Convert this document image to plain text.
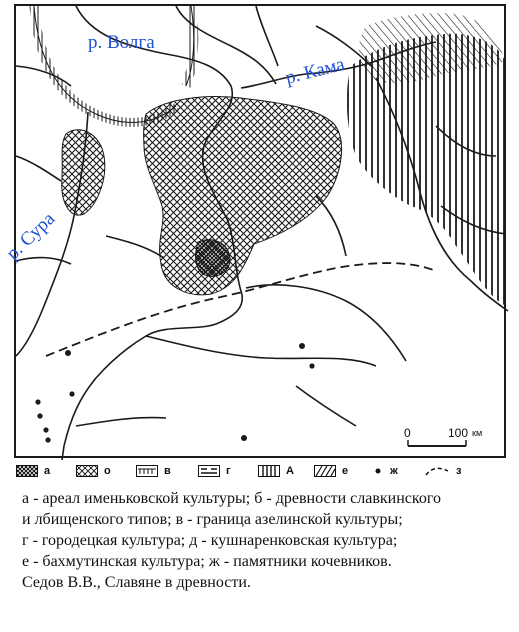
р. Волга
р. Кама
р. Сура
0	100 км
а	о	в	г	А	е	ж	з
а - ареал именьковской культуры; б - древности славкинского
и лбищенского типов; в - граница азелинской культуры;
г - городецкая культура; д - кушнаренковская культура;
е - бахмутинская культура; ж - памятники кочевников.
Седов В.В., Славяне в древности.
